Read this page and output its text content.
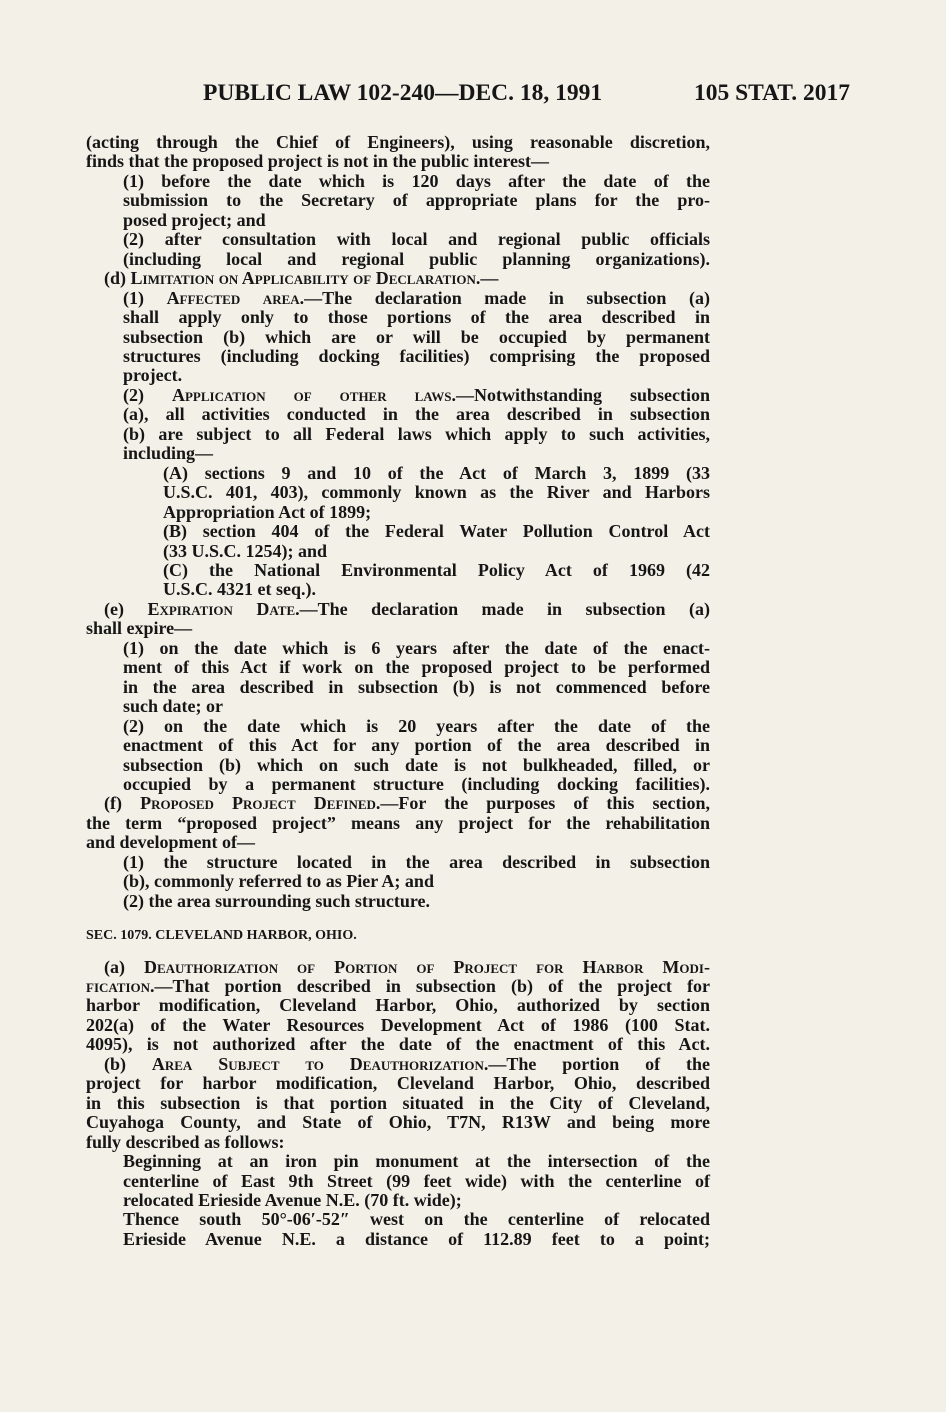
PUBLIC LAW 102-240—DEC. 18, 1991	105 STAT. 2017
(acting through the Chief of Engineers), using reasonable discretion,
finds that the proposed project is not in the public interest—
(1) before the date which is 120 days after the date of the
submission to the Secretary of appropriate plans for the pro-
posed project; and
(2) after consultation with local and regional public officials
(including local and regional public planning organizations).
(d) Limitation on Applicability of Declaration.—
(1) Affected area.—The declaration made in subsection (a)
shall apply only to those portions of the area described in
subsection (b) which are or will be occupied by permanent
structures (including docking facilities) comprising the proposed
project.
(2) Application of other laws.—Notwithstanding subsection
(a), all activities conducted in the area described in subsection
(b) are subject to all Federal laws which apply to such activities,
including—
(A) sections 9 and 10 of the Act of March 3, 1899 (33
U.S.C. 401, 403), commonly known as the River and Harbors
Appropriation Act of 1899;
(B) section 404 of the Federal Water Pollution Control Act
(33 U.S.C. 1254); and
(C) the National Environmental Policy Act of 1969 (42
U.S.C. 4321 et seq.).
(e) Expiration Date.—The declaration made in subsection (a)
shall expire—
(1) on the date which is 6 years after the date of the enact-
ment of this Act if work on the proposed project to be performed
in the area described in subsection (b) is not commenced before
such date; or
(2) on the date which is 20 years after the date of the
enactment of this Act for any portion of the area described in
subsection (b) which on such date is not bulkheaded, filled, or
occupied by a permanent structure (including docking facilities).
(f) Proposed Project Defined.—For the purposes of this section,
the term “proposed project” means any project for the rehabilitation
and development of—
(1) the structure located in the area described in subsection
(b), commonly referred to as Pier A; and
(2) the area surrounding such structure.
SEC. 1079. CLEVELAND HARBOR, OHIO.
(a) Deauthorization of Portion of Project for Harbor Modi-
fication.—That portion described in subsection (b) of the project for
harbor modification, Cleveland Harbor, Ohio, authorized by section
202(a) of the Water Resources Development Act of 1986 (100 Stat.
4095), is not authorized after the date of the enactment of this Act.
(b) Area Subject to Deauthorization.—The portion of the
project for harbor modification, Cleveland Harbor, Ohio, described
in this subsection is that portion situated in the City of Cleveland,
Cuyahoga County, and State of Ohio, T7N, R13W and being more
fully described as follows:
Beginning at an iron pin monument at the intersection of the
centerline of East 9th Street (99 feet wide) with the centerline of
relocated Erieside Avenue N.E. (70 ft. wide);
Thence south 50°-06′-52″ west on the centerline of relocated
Erieside Avenue N.E. a distance of 112.89 feet to a point;
